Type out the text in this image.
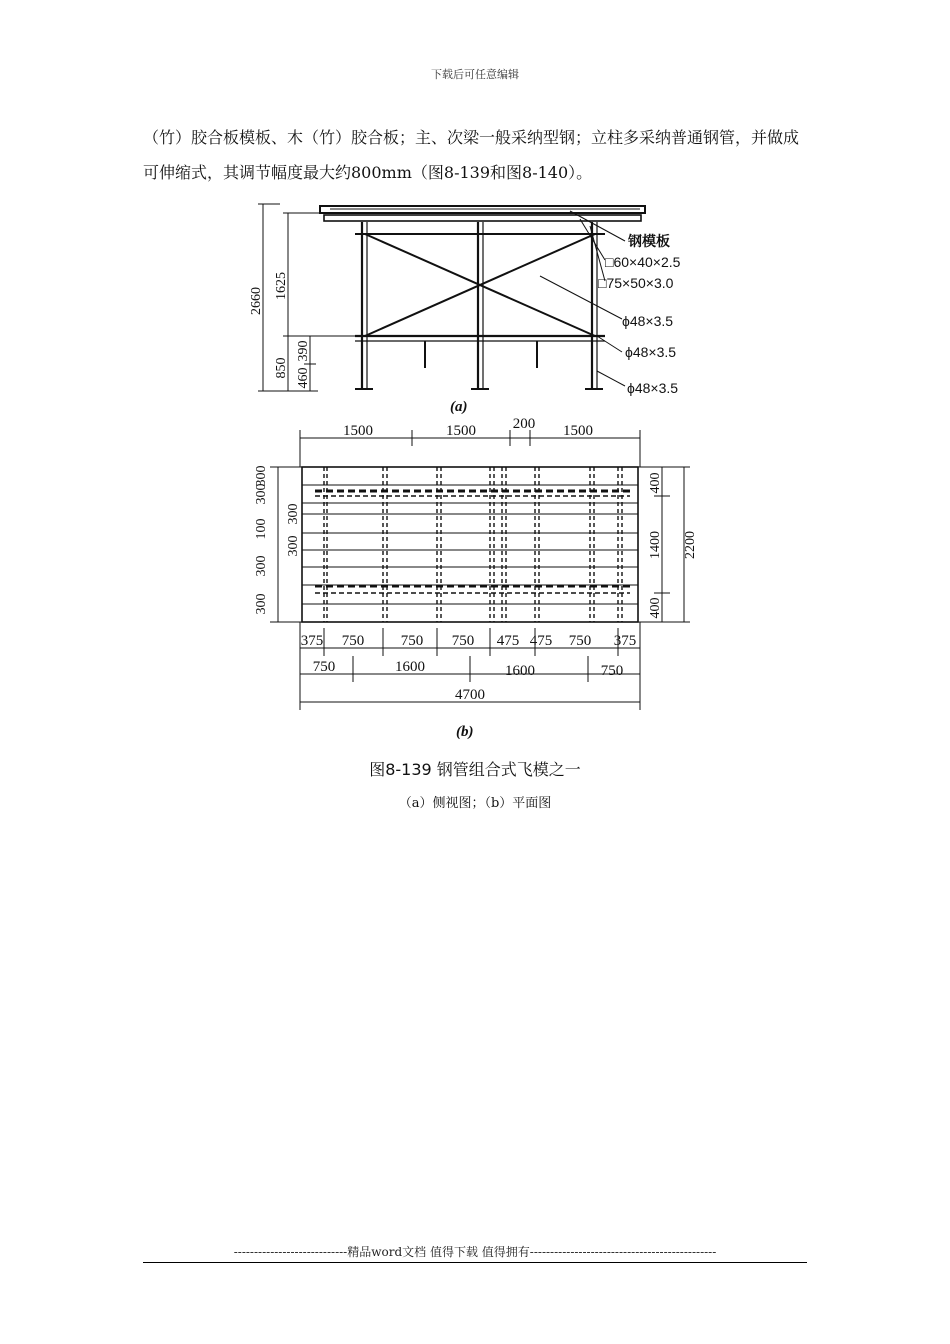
下载后可任意编辑

（竹）胶合板模板、木（竹）胶合板；主、次梁一般采纳型钢；立柱多采纳普通钢管，并做成可伸缩式，其调节幅度最大约800mm（图8-139和图8-140）。

2660
1625
850
390
460
钢模板
□60×40×2.5
□75×50×3.0
ϕ48×3.5
ϕ48×3.5
ϕ48×3.5
(a)
1500	1500 200 1500
300
300
300
100
300
300
300
400
1400
400
2200
375 750 750 750 475 475 750 375
750	1600	1600	750
4700
(b)
图8-139 钢管组合式飞模之一
（a）侧视图；（b）平面图
----------------------------精品word文档 值得下载 值得拥有----------------------------------------------
